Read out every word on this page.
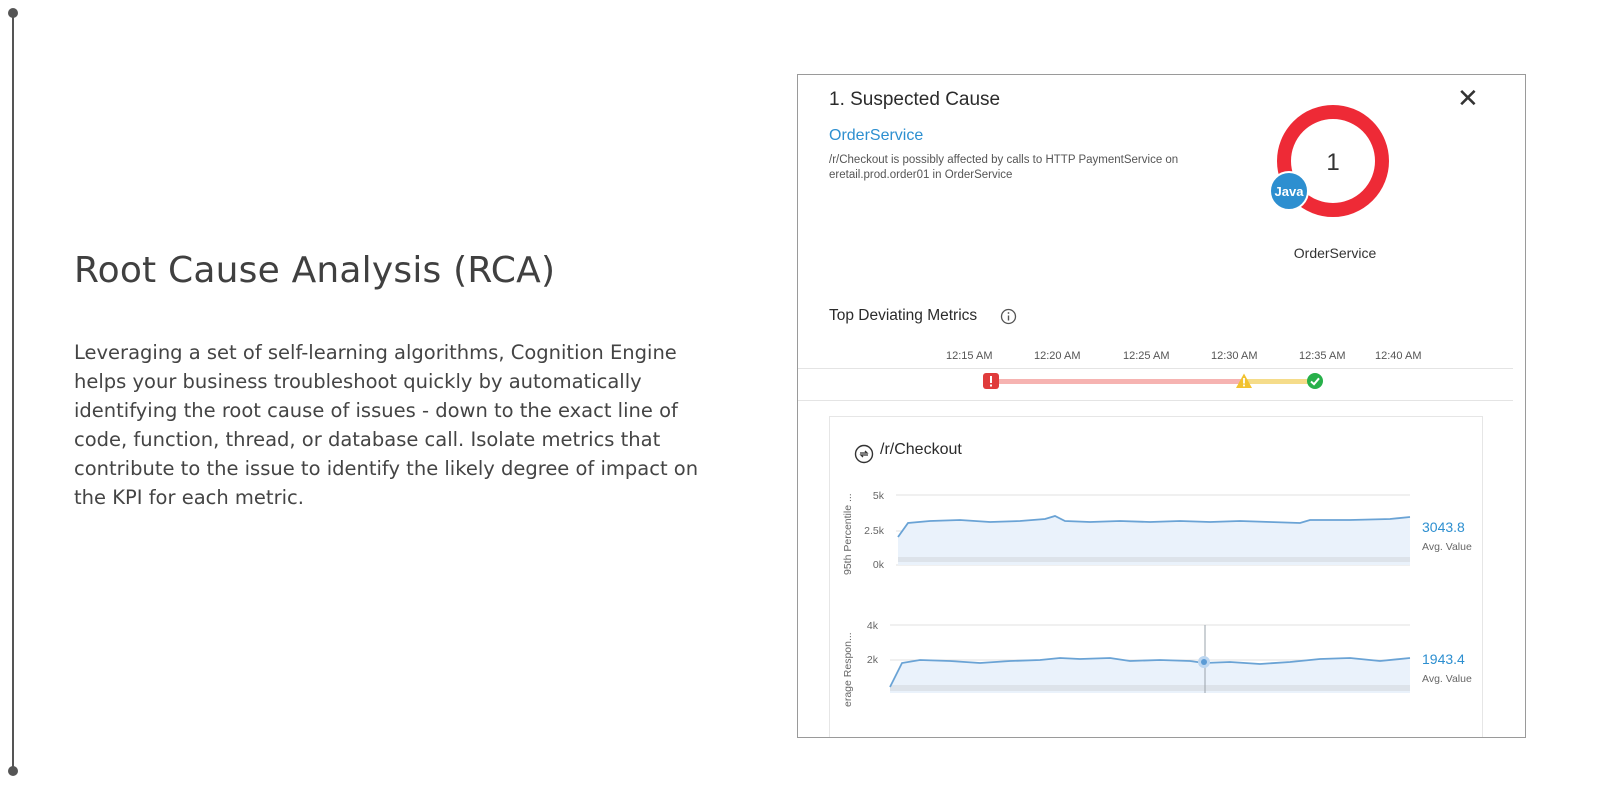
Root Cause Analysis (RCA)

Leveraging a set of self-learning algorithms, Cognition Engine helps your business troubleshoot quickly by automatically identifying the root cause of issues - down to the exact line of code, function, thread, or database call. Isolate metrics that contribute to the issue to identify the likely degree of impact on the KPI for each metric.

1. Suspected Cause	✕
OrderService
/r/Checkout is possibly affected by calls to HTTP PaymentService on eretail.prod.order01 in OrderService	1
Java
OrderService
Top Deviating Metrics
12:15 AM	12:20 AM	12:25 AM	12:30 AM	12:35 AM	12:40 AM
/r/Checkout
95th Percentile ... 5k
2.5k
0k
3043.8
Avg. Value
erage Respon...
4k
2k	1943.4
Avg. Value
